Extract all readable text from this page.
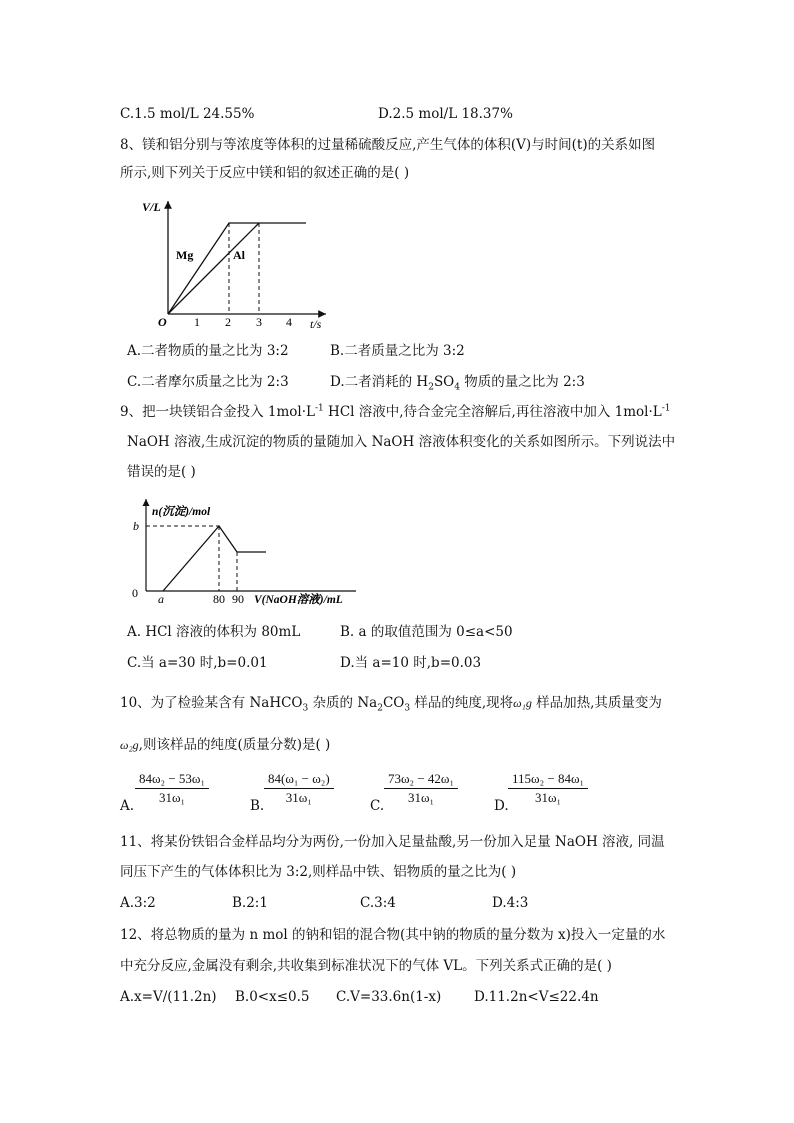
C.1.5 mol/L 24.55%	D.2.5 mol/L 18.37%
8、镁和铝分别与等浓度等体积的过量稀硫酸反应,产生气体的体积(V)与时间(t)的关系如图
所示,则下列关于反应中镁和铝的叙述正确的是( )
V/L
t/s
O 1 2 3 4
Mg	Al
A.二者物质的量之比为 3:2	B.二者质量之比为 3:2
C.二者摩尔质量之比为 2:3	D.二者消耗的 $H_2SO_4$ 物质的量之比为 2:3
9、把一块镁铝合金投入 $1mol\cdot L^{-1}$ HCl 溶液中,待合金完全溶解后,再往溶液中加入 $1mol\cdot L^{-1}$
NaOH 溶液,生成沉淀的物质的量随加入 NaOH 溶液体积变化的关系如图所示。下列说法中
错误的是( )
n(沉淀)/mol
V(NaOH溶液)/mL
0
b
a	80 90
A. HCl 溶液的体积为 80mL	B. a 的取值范围为 0≤a<50
C.当 a=30 时,b=0.01	D.当 a=10 时,b=0.03
10、为了检验某含有 NaHCO$_3$ 杂质的 $Na_2CO_3$ 样品的纯度,现将ω₁g 样品加热,其质量变为
ω₂g,则该样品的纯度(质量分数)是( )
A. $\frac{\text{84ω₂ − 53ω₁}}{\text{31ω₁}}$	B. $\frac{\text{84(ω₁ − ω₂)}}{\text{31ω₁}}$	C. $\frac{\text{73ω₂ − 42ω₁}}{\text{31ω₁}}$	D. $\frac{\text{115ω₂ − 84ω₁}}{\text{31ω₁}}$
11、将某份铁铝合金样品均分为两份,一份加入足量盐酸,另一份加入足量 NaOH 溶液, 同温
同压下产生的气体体积比为 3:2,则样品中铁、铝物质的量之比为( )
A.3:2	B.2:1	C.3:4	D.4:3
12、将总物质的量为 n mol 的钠和铝的混合物(其中钠的物质的量分数为 x)投入一定量的水
中充分反应,金属没有剩余,共收集到标准状况下的气体 VL。下列关系式正确的是( )
A.x=V/(11.2n) B.0<x≤0.5 C.V=33.6n(1-x) D.11.2n<V≤22.4n
